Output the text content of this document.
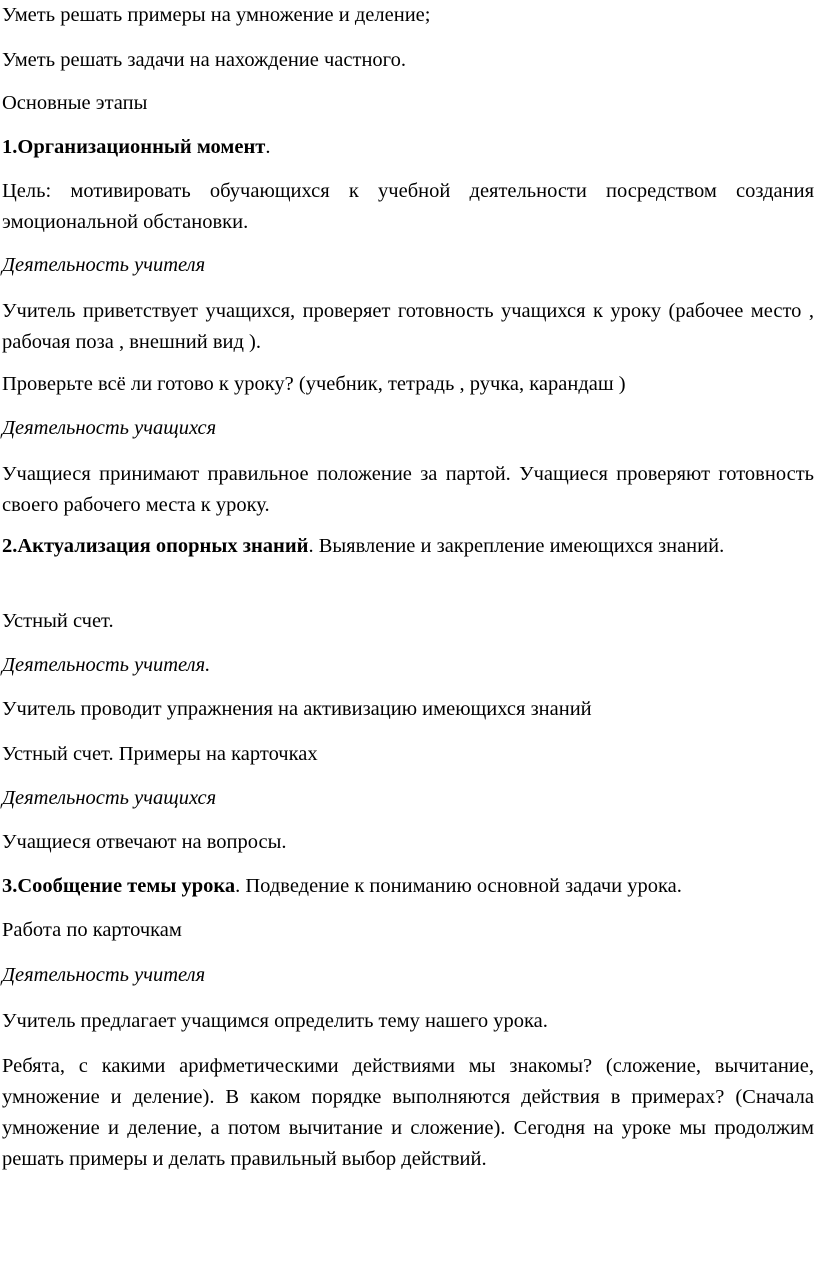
Уметь решать примеры на умножение и деление;

Уметь решать задачи на нахождение частного.

Основные этапы

1.Организационный момент.

Цель: мотивировать обучающихся к учебной деятельности посредством создания эмоциональной обстановки.

Деятельность учителя

Учитель приветствует учащихся, проверяет готовность учащихся к уроку (рабочее место , рабочая поза , внешний вид ).

Проверьте всё ли готово к уроку? (учебник, тетрадь , ручка, карандаш )

Деятельность учащихся

Учащиеся принимают правильное положение за партой. Учащиеся проверяют готовность своего рабочего места к уроку.

2.Актуализация опорных знаний. Выявление и закрепление имеющихся знаний.

Устный счет.

Деятельность учителя.

Учитель проводит упражнения на активизацию имеющихся знаний

Устный счет. Примеры на карточках

Деятельность учащихся

Учащиеся отвечают на вопросы.

3.Сообщение темы урока. Подведение к пониманию основной задачи урока.

Работа по карточкам

Деятельность учителя

Учитель предлагает учащимся определить тему нашего урока.

Ребята, с какими арифметическими действиями мы знакомы? (сложение, вычитание, умножение и деление). В каком порядке выполняются действия в примерах? (Сначала умножение и деление, а потом вычитание и сложение). Сегодня на уроке мы продолжим решать примеры и делать правильный выбор действий.
